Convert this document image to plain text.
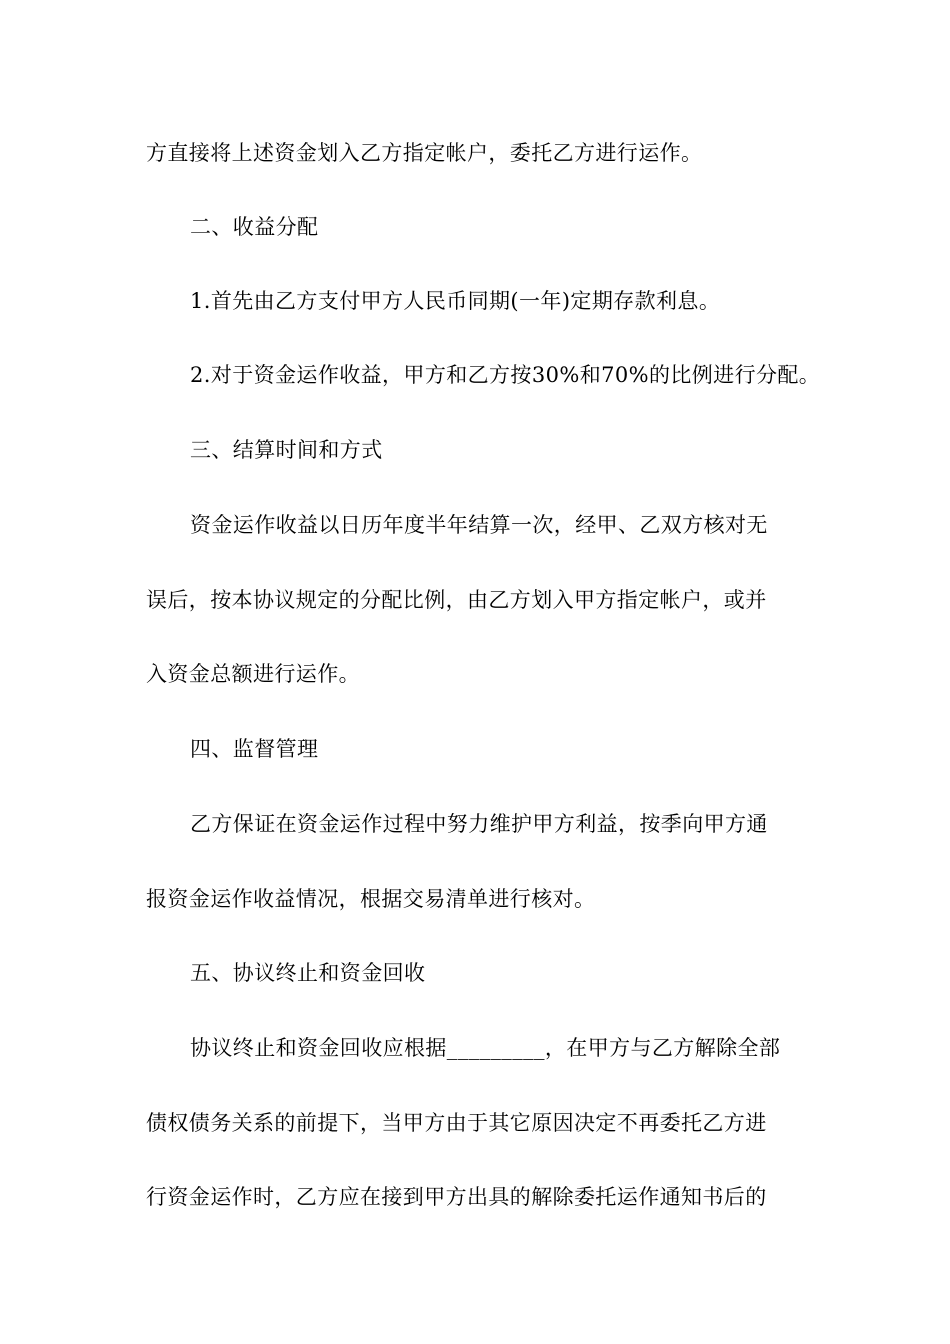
方直接将上述资金划入乙方指定帐户，委托乙方进行运作。
二、收益分配
1.首先由乙方支付甲方人民币同期(一年)定期存款利息。
2.对于资金运作收益，甲方和乙方按30%和70%的比例进行分配。
三、结算时间和方式
资金运作收益以日历年度半年结算一次，经甲、乙双方核对无
误后，按本协议规定的分配比例，由乙方划入甲方指定帐户，或并
入资金总额进行运作。
四、监督管理
乙方保证在资金运作过程中努力维护甲方利益，按季向甲方通
报资金运作收益情况，根据交易清单进行核对。
五、协议终止和资金回收
协议终止和资金回收应根据_________，在甲方与乙方解除全部
债权债务关系的前提下，当甲方由于其它原因决定不再委托乙方进
行资金运作时，乙方应在接到甲方出具的解除委托运作通知书后的
